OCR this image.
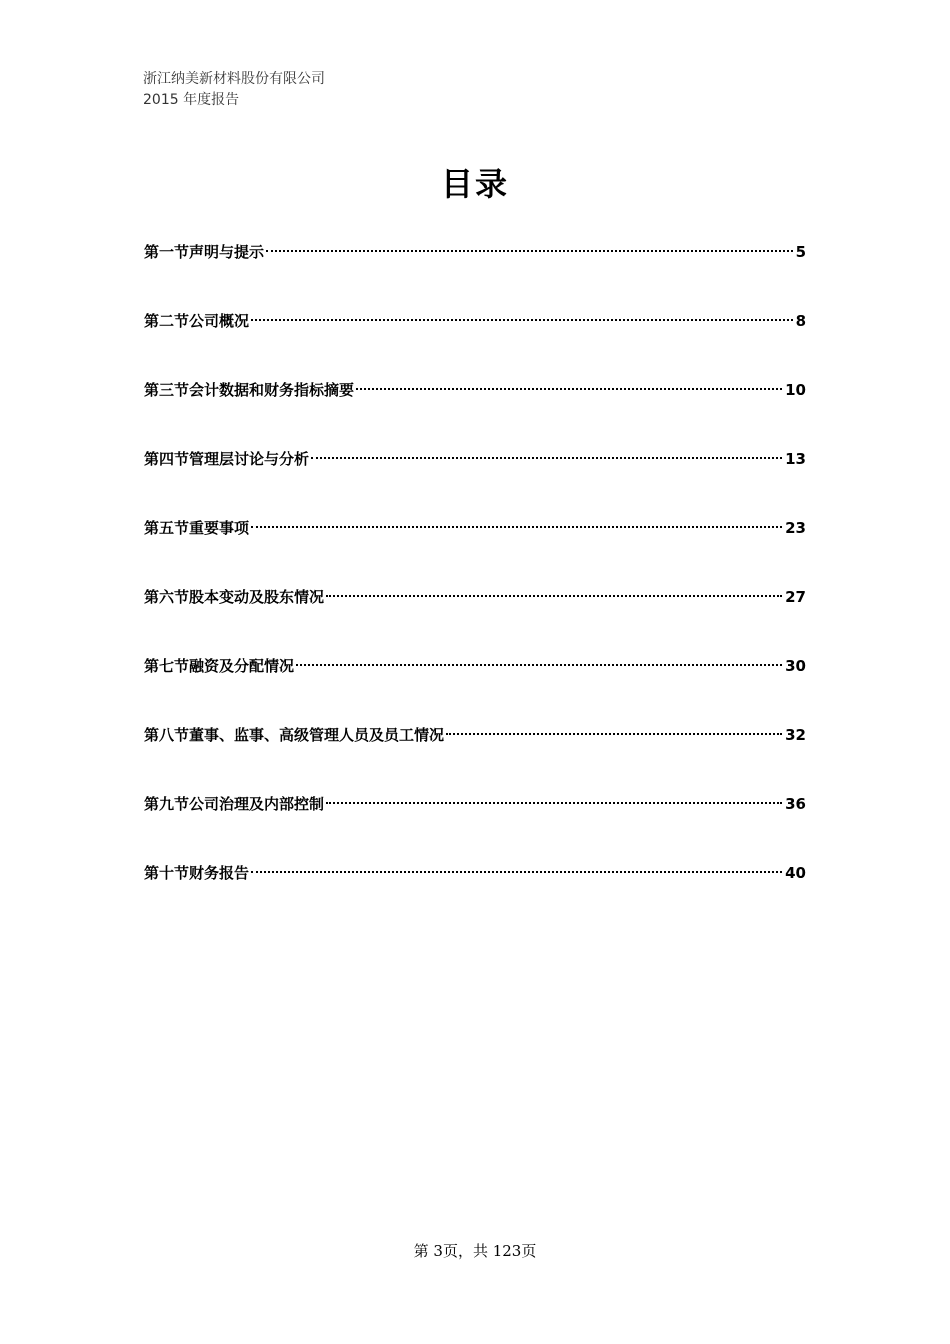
浙江纳美新材料股份有限公司
2015 年度报告
目录
第一节声明与提示	5
第二节公司概况	8
第三节会计数据和财务指标摘要	10
第四节管理层讨论与分析	13
第五节重要事项	23
第六节股本变动及股东情况	27
第七节融资及分配情况	30
第八节董事、监事、高级管理人员及员工情况	32
第九节公司治理及内部控制	36
第十节财务报告	40
第 3页，共 123页
